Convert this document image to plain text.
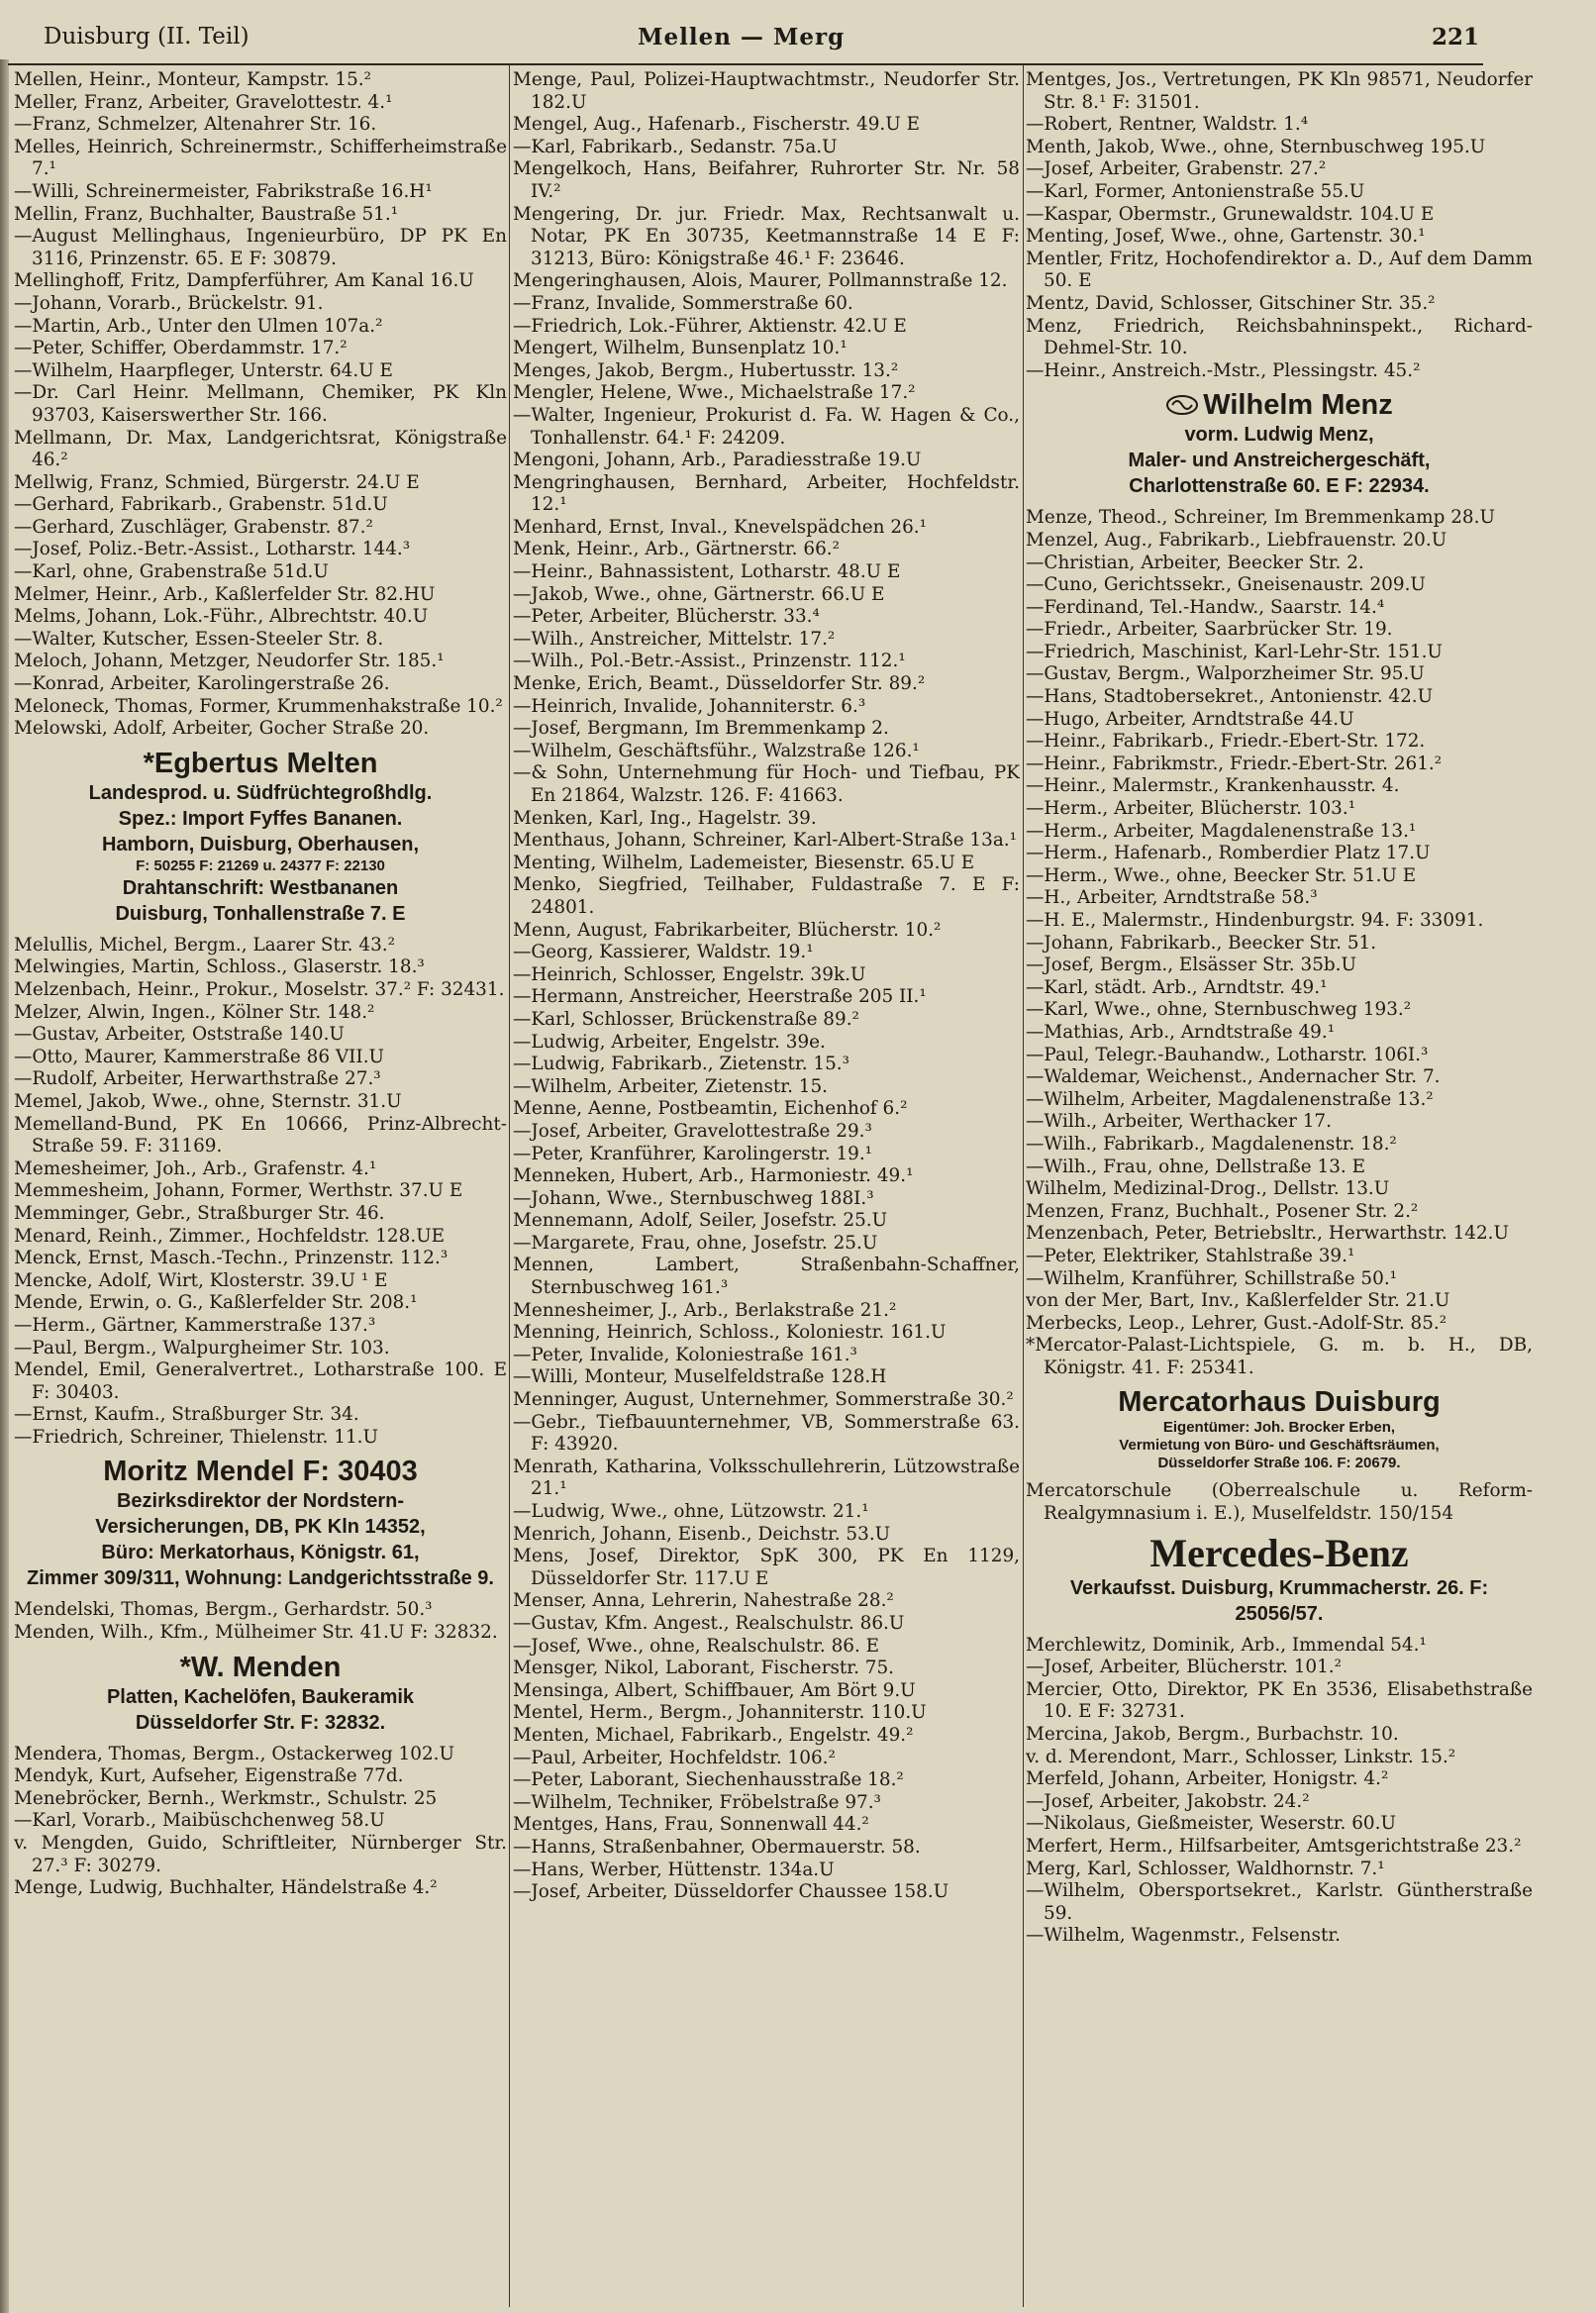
Duisburg (II. Teil)	Mellen — Merg	221

Mellen, Heinr., Monteur, Kampstr. 15.²

Meller, Franz, Arbeiter, Gravelottestr. 4.¹

—Franz, Schmelzer, Altenahrer Str. 16.

Melles, Heinrich, Schreinermstr., Schifferheimstraße 7.¹

—Willi, Schreinermeister, Fabrikstraße 16.H¹

Mellin, Franz, Buchhalter, Baustraße 51.¹

—August Mellinghaus, Ingenieurbüro, DP PK En 3116, Prinzenstr. 65. E F: 30879.

Mellinghoff, Fritz, Dampferführer, Am Kanal 16.U

—Johann, Vorarb., Brückelstr. 91.

—Martin, Arb., Unter den Ulmen 107a.²

—Peter, Schiffer, Oberdammstr. 17.²

—Wilhelm, Haarpfleger, Unterstr. 64.U E

—Dr. Carl Heinr. Mellmann, Chemiker, PK Kln 93703, Kaiserswerther Str. 166.

Mellmann, Dr. Max, Landgerichtsrat, Königstraße 46.²

Mellwig, Franz, Schmied, Bürgerstr. 24.U E

—Gerhard, Fabrikarb., Grabenstr. 51d.U

—Gerhard, Zuschläger, Grabenstr. 87.²

—Josef, Poliz.-Betr.-Assist., Lotharstr. 144.³

—Karl, ohne, Grabenstraße 51d.U

Melmer, Heinr., Arb., Kaßlerfelder Str. 82.HU

Melms, Johann, Lok.-Führ., Albrechtstr. 40.U

—Walter, Kutscher, Essen-Steeler Str. 8.

Meloch, Johann, Metzger, Neudorfer Str. 185.¹

—Konrad, Arbeiter, Karolingerstraße 26.

Meloneck, Thomas, Former, Krummenhakstraße 10.²

Melowski, Adolf, Arbeiter, Gocher Straße 20.

*Egbertus Melten
Landesprod. u. Südfrüchtegroßhdlg.
Spez.: Import Fyffes Bananen.
Hamborn, Duisburg, Oberhausen,
F: 50255 F: 21269 u. 24377 F: 22130
Drahtanschrift: Westbananen
Duisburg, Tonhallenstraße 7. E

Melullis, Michel, Bergm., Laarer Str. 43.²

Melwingies, Martin, Schloss., Glaserstr. 18.³

Melzenbach, Heinr., Prokur., Moselstr. 37.² F: 32431.

Melzer, Alwin, Ingen., Kölner Str. 148.²

—Gustav, Arbeiter, Oststraße 140.U

—Otto, Maurer, Kammerstraße 86 VII.U

—Rudolf, Arbeiter, Herwarthstraße 27.³

Memel, Jakob, Wwe., ohne, Sternstr. 31.U

Memelland-Bund, PK En 10666, Prinz-Albrecht-Straße 59. F: 31169.

Memesheimer, Joh., Arb., Grafenstr. 4.¹

Memmesheim, Johann, Former, Werthstr. 37.U E

Memminger, Gebr., Straßburger Str. 46.

Menard, Reinh., Zimmer., Hochfeldstr. 128.UE

Menck, Ernst, Masch.-Techn., Prinzenstr. 112.³

Mencke, Adolf, Wirt, Klosterstr. 39.U ¹ E

Mende, Erwin, o. G., Kaßlerfelder Str. 208.¹

—Herm., Gärtner, Kammerstraße 137.³

—Paul, Bergm., Walpurgheimer Str. 103.

Mendel, Emil, Generalvertret., Lotharstraße 100. E F: 30403.

—Ernst, Kaufm., Straßburger Str. 34.

—Friedrich, Schreiner, Thielenstr. 11.U

Moritz Mendel F: 30403
Bezirksdirektor der Nordstern-
Versicherungen, DB, PK Kln 14352,
Büro: Merkatorhaus, Königstr. 61,
Zimmer 309/311, Wohnung: Landgerichtsstraße 9.

Mendelski, Thomas, Bergm., Gerhardstr. 50.³

Menden, Wilh., Kfm., Mülheimer Str. 41.U F: 32832.

*W. Menden
Platten, Kachelöfen, Baukeramik
Düsseldorfer Str. F: 32832.

Mendera, Thomas, Bergm., Ostackerweg 102.U

Mendyk, Kurt, Aufseher, Eigenstraße 77d.

Menebröcker, Bernh., Werkmstr., Schulstr. 25

—Karl, Vorarb., Maibüschchenweg 58.U

v. Mengden, Guido, Schriftleiter, Nürnberger Str. 27.³ F: 30279.

Menge, Ludwig, Buchhalter, Händelstraße 4.²

Menge, Paul, Polizei-Hauptwachtmstr., Neudorfer Str. 182.U

Mengel, Aug., Hafenarb., Fischerstr. 49.U E

—Karl, Fabrikarb., Sedanstr. 75a.U

Mengelkoch, Hans, Beifahrer, Ruhrorter Str. Nr. 58 IV.²

Mengering, Dr. jur. Friedr. Max, Rechtsanwalt u. Notar, PK En 30735, Keetmannstraße 14 E F: 31213, Büro: Königstraße 46.¹ F: 23646.

Mengeringhausen, Alois, Maurer, Pollmannstraße 12.

—Franz, Invalide, Sommerstraße 60.

—Friedrich, Lok.-Führer, Aktienstr. 42.U E

Mengert, Wilhelm, Bunsenplatz 10.¹

Menges, Jakob, Bergm., Hubertusstr. 13.²

Mengler, Helene, Wwe., Michaelstraße 17.²

—Walter, Ingenieur, Prokurist d. Fa. W. Hagen & Co., Tonhallenstr. 64.¹ F: 24209.

Mengoni, Johann, Arb., Paradiesstraße 19.U

Mengringhausen, Bernhard, Arbeiter, Hochfeldstr. 12.¹

Menhard, Ernst, Inval., Knevelspädchen 26.¹

Menk, Heinr., Arb., Gärtnerstr. 66.²

—Heinr., Bahnassistent, Lotharstr. 48.U E

—Jakob, Wwe., ohne, Gärtnerstr. 66.U E

—Peter, Arbeiter, Blücherstr. 33.⁴

—Wilh., Anstreicher, Mittelstr. 17.²

—Wilh., Pol.-Betr.-Assist., Prinzenstr. 112.¹

Menke, Erich, Beamt., Düsseldorfer Str. 89.²

—Heinrich, Invalide, Johanniterstr. 6.³

—Josef, Bergmann, Im Bremmenkamp 2.

—Wilhelm, Geschäftsführ., Walzstraße 126.¹

—& Sohn, Unternehmung für Hoch- und Tiefbau, PK En 21864, Walzstr. 126. F: 41663.

Menken, Karl, Ing., Hagelstr. 39.

Menthaus, Johann, Schreiner, Karl-Albert-Straße 13a.¹

Menting, Wilhelm, Lademeister, Biesenstr. 65.U E

Menko, Siegfried, Teilhaber, Fuldastraße 7. E F: 24801.

Menn, August, Fabrikarbeiter, Blücherstr. 10.²

—Georg, Kassierer, Waldstr. 19.¹

—Heinrich, Schlosser, Engelstr. 39k.U

—Hermann, Anstreicher, Heerstraße 205 II.¹

—Karl, Schlosser, Brückenstraße 89.²

—Ludwig, Arbeiter, Engelstr. 39e.

—Ludwig, Fabrikarb., Zietenstr. 15.³

—Wilhelm, Arbeiter, Zietenstr. 15.

Menne, Aenne, Postbeamtin, Eichenhof 6.²

—Josef, Arbeiter, Gravelottestraße 29.³

—Peter, Kranführer, Karolingerstr. 19.¹

Menneken, Hubert, Arb., Harmoniestr. 49.¹

—Johann, Wwe., Sternbuschweg 188I.³

Mennemann, Adolf, Seiler, Josefstr. 25.U

—Margarete, Frau, ohne, Josefstr. 25.U

Mennen, Lambert, Straßenbahn-Schaffner, Sternbuschweg 161.³

Mennesheimer, J., Arb., Berlakstraße 21.²

Menning, Heinrich, Schloss., Koloniestr. 161.U

—Peter, Invalide, Koloniestraße 161.³

—Willi, Monteur, Muselfeldstraße 128.H

Menninger, August, Unternehmer, Sommerstraße 30.²

—Gebr., Tiefbauunternehmer, VB, Sommerstraße 63. F: 43920.

Menrath, Katharina, Volksschullehrerin, Lützowstraße 21.¹

—Ludwig, Wwe., ohne, Lützowstr. 21.¹

Menrich, Johann, Eisenb., Deichstr. 53.U

Mens, Josef, Direktor, SpK 300, PK En 1129, Düsseldorfer Str. 117.U E

Menser, Anna, Lehrerin, Nahestraße 28.²

—Gustav, Kfm. Angest., Realschulstr. 86.U

—Josef, Wwe., ohne, Realschulstr. 86. E

Mensger, Nikol, Laborant, Fischerstr. 75.

Mensinga, Albert, Schiffbauer, Am Bört 9.U

Mentel, Herm., Bergm., Johanniterstr. 110.U

Menten, Michael, Fabrikarb., Engelstr. 49.²

—Paul, Arbeiter, Hochfeldstr. 106.²

—Peter, Laborant, Siechenhausstraße 18.²

—Wilhelm, Techniker, Fröbelstraße 97.³

Mentges, Hans, Frau, Sonnenwall 44.²

—Hanns, Straßenbahner, Obermauerstr. 58.

—Hans, Werber, Hüttenstr. 134a.U

—Josef, Arbeiter, Düsseldorfer Chaussee 158.U

Mentges, Jos., Vertretungen, PK Kln 98571, Neudorfer Str. 8.¹ F: 31501.

—Robert, Rentner, Waldstr. 1.⁴

Menth, Jakob, Wwe., ohne, Sternbuschweg 195.U

—Josef, Arbeiter, Grabenstr. 27.²

—Karl, Former, Antonienstraße 55.U

—Kaspar, Obermstr., Grunewaldstr. 104.U E

Menting, Josef, Wwe., ohne, Gartenstr. 30.¹

Mentler, Fritz, Hochofendirektor a. D., Auf dem Damm 50. E

Mentz, David, Schlosser, Gitschiner Str. 35.²

Menz, Friedrich, Reichsbahninspekt., Richard-Dehmel-Str. 10.

—Heinr., Anstreich.-Mstr., Plessingstr. 45.²

Wilhelm Menz
vorm. Ludwig Menz,
Maler- und Anstreichergeschäft,
Charlottenstraße 60. E F: 22934.

Menze, Theod., Schreiner, Im Bremmenkamp 28.U

Menzel, Aug., Fabrikarb., Liebfrauenstr. 20.U

—Christian, Arbeiter, Beecker Str. 2.

—Cuno, Gerichtssekr., Gneisenaustr. 209.U

—Ferdinand, Tel.-Handw., Saarstr. 14.⁴

—Friedr., Arbeiter, Saarbrücker Str. 19.

—Friedrich, Maschinist, Karl-Lehr-Str. 151.U

—Gustav, Bergm., Walporzheimer Str. 95.U

—Hans, Stadtobersekret., Antonienstr. 42.U

—Hugo, Arbeiter, Arndtstraße 44.U

—Heinr., Fabrikarb., Friedr.-Ebert-Str. 172.

—Heinr., Fabrikmstr., Friedr.-Ebert-Str. 261.²

—Heinr., Malermstr., Krankenhausstr. 4.

—Herm., Arbeiter, Blücherstr. 103.¹

—Herm., Arbeiter, Magdalenenstraße 13.¹

—Herm., Hafenarb., Romberdier Platz 17.U

—Herm., Wwe., ohne, Beecker Str. 51.U E

—H., Arbeiter, Arndtstraße 58.³

—H. E., Malermstr., Hindenburgstr. 94. F: 33091.

—Johann, Fabrikarb., Beecker Str. 51.

—Josef, Bergm., Elsässer Str. 35b.U

—Karl, städt. Arb., Arndtstr. 49.¹

—Karl, Wwe., ohne, Sternbuschweg 193.²

—Mathias, Arb., Arndtstraße 49.¹

—Paul, Telegr.-Bauhandw., Lotharstr. 106I.³

—Waldemar, Weichenst., Andernacher Str. 7.

—Wilhelm, Arbeiter, Magdalenenstraße 13.²

—Wilh., Arbeiter, Werthacker 17.

—Wilh., Fabrikarb., Magdalenenstr. 18.²

—Wilh., Frau, ohne, Dellstraße 13. E

Wilhelm, Medizinal-Drog., Dellstr. 13.U

Menzen, Franz, Buchhalt., Posener Str. 2.²

Menzenbach, Peter, Betriebsltr., Herwarthstr. 142.U

—Peter, Elektriker, Stahlstraße 39.¹

—Wilhelm, Kranführer, Schillstraße 50.¹

von der Mer, Bart, Inv., Kaßlerfelder Str. 21.U

Merbecks, Leop., Lehrer, Gust.-Adolf-Str. 85.²

*Mercator-Palast-Lichtspiele, G. m. b. H., DB, Königstr. 41. F: 25341.

Mercatorhaus Duisburg
Eigentümer: Joh. Brocker Erben,
Vermietung von Büro- und Geschäftsräumen,
Düsseldorfer Straße 106. F: 20679.

Mercatorschule (Oberrealschule u. Reform-Realgymnasium i. E.), Muselfeldstr. 150/154

Mercedes-Benz
Verkaufsst. Duisburg, Krummacherstr. 26. F: 25056/57.

Merchlewitz, Dominik, Arb., Immendal 54.¹

—Josef, Arbeiter, Blücherstr. 101.²

Mercier, Otto, Direktor, PK En 3536, Elisabethstraße 10. E F: 32731.

Mercina, Jakob, Bergm., Burbachstr. 10.

v. d. Merendont, Marr., Schlosser, Linkstr. 15.²

Merfeld, Johann, Arbeiter, Honigstr. 4.²

—Josef, Arbeiter, Jakobstr. 24.²

—Nikolaus, Gießmeister, Weserstr. 60.U

Merfert, Herm., Hilfsarbeiter, Amtsgerichtstraße 23.²

Merg, Karl, Schlosser, Waldhornstr. 7.¹

—Wilhelm, Obersportsekret., Karlstr. Güntherstraße 59.

—Wilhelm, Wagenmstr., Felsenstr.
